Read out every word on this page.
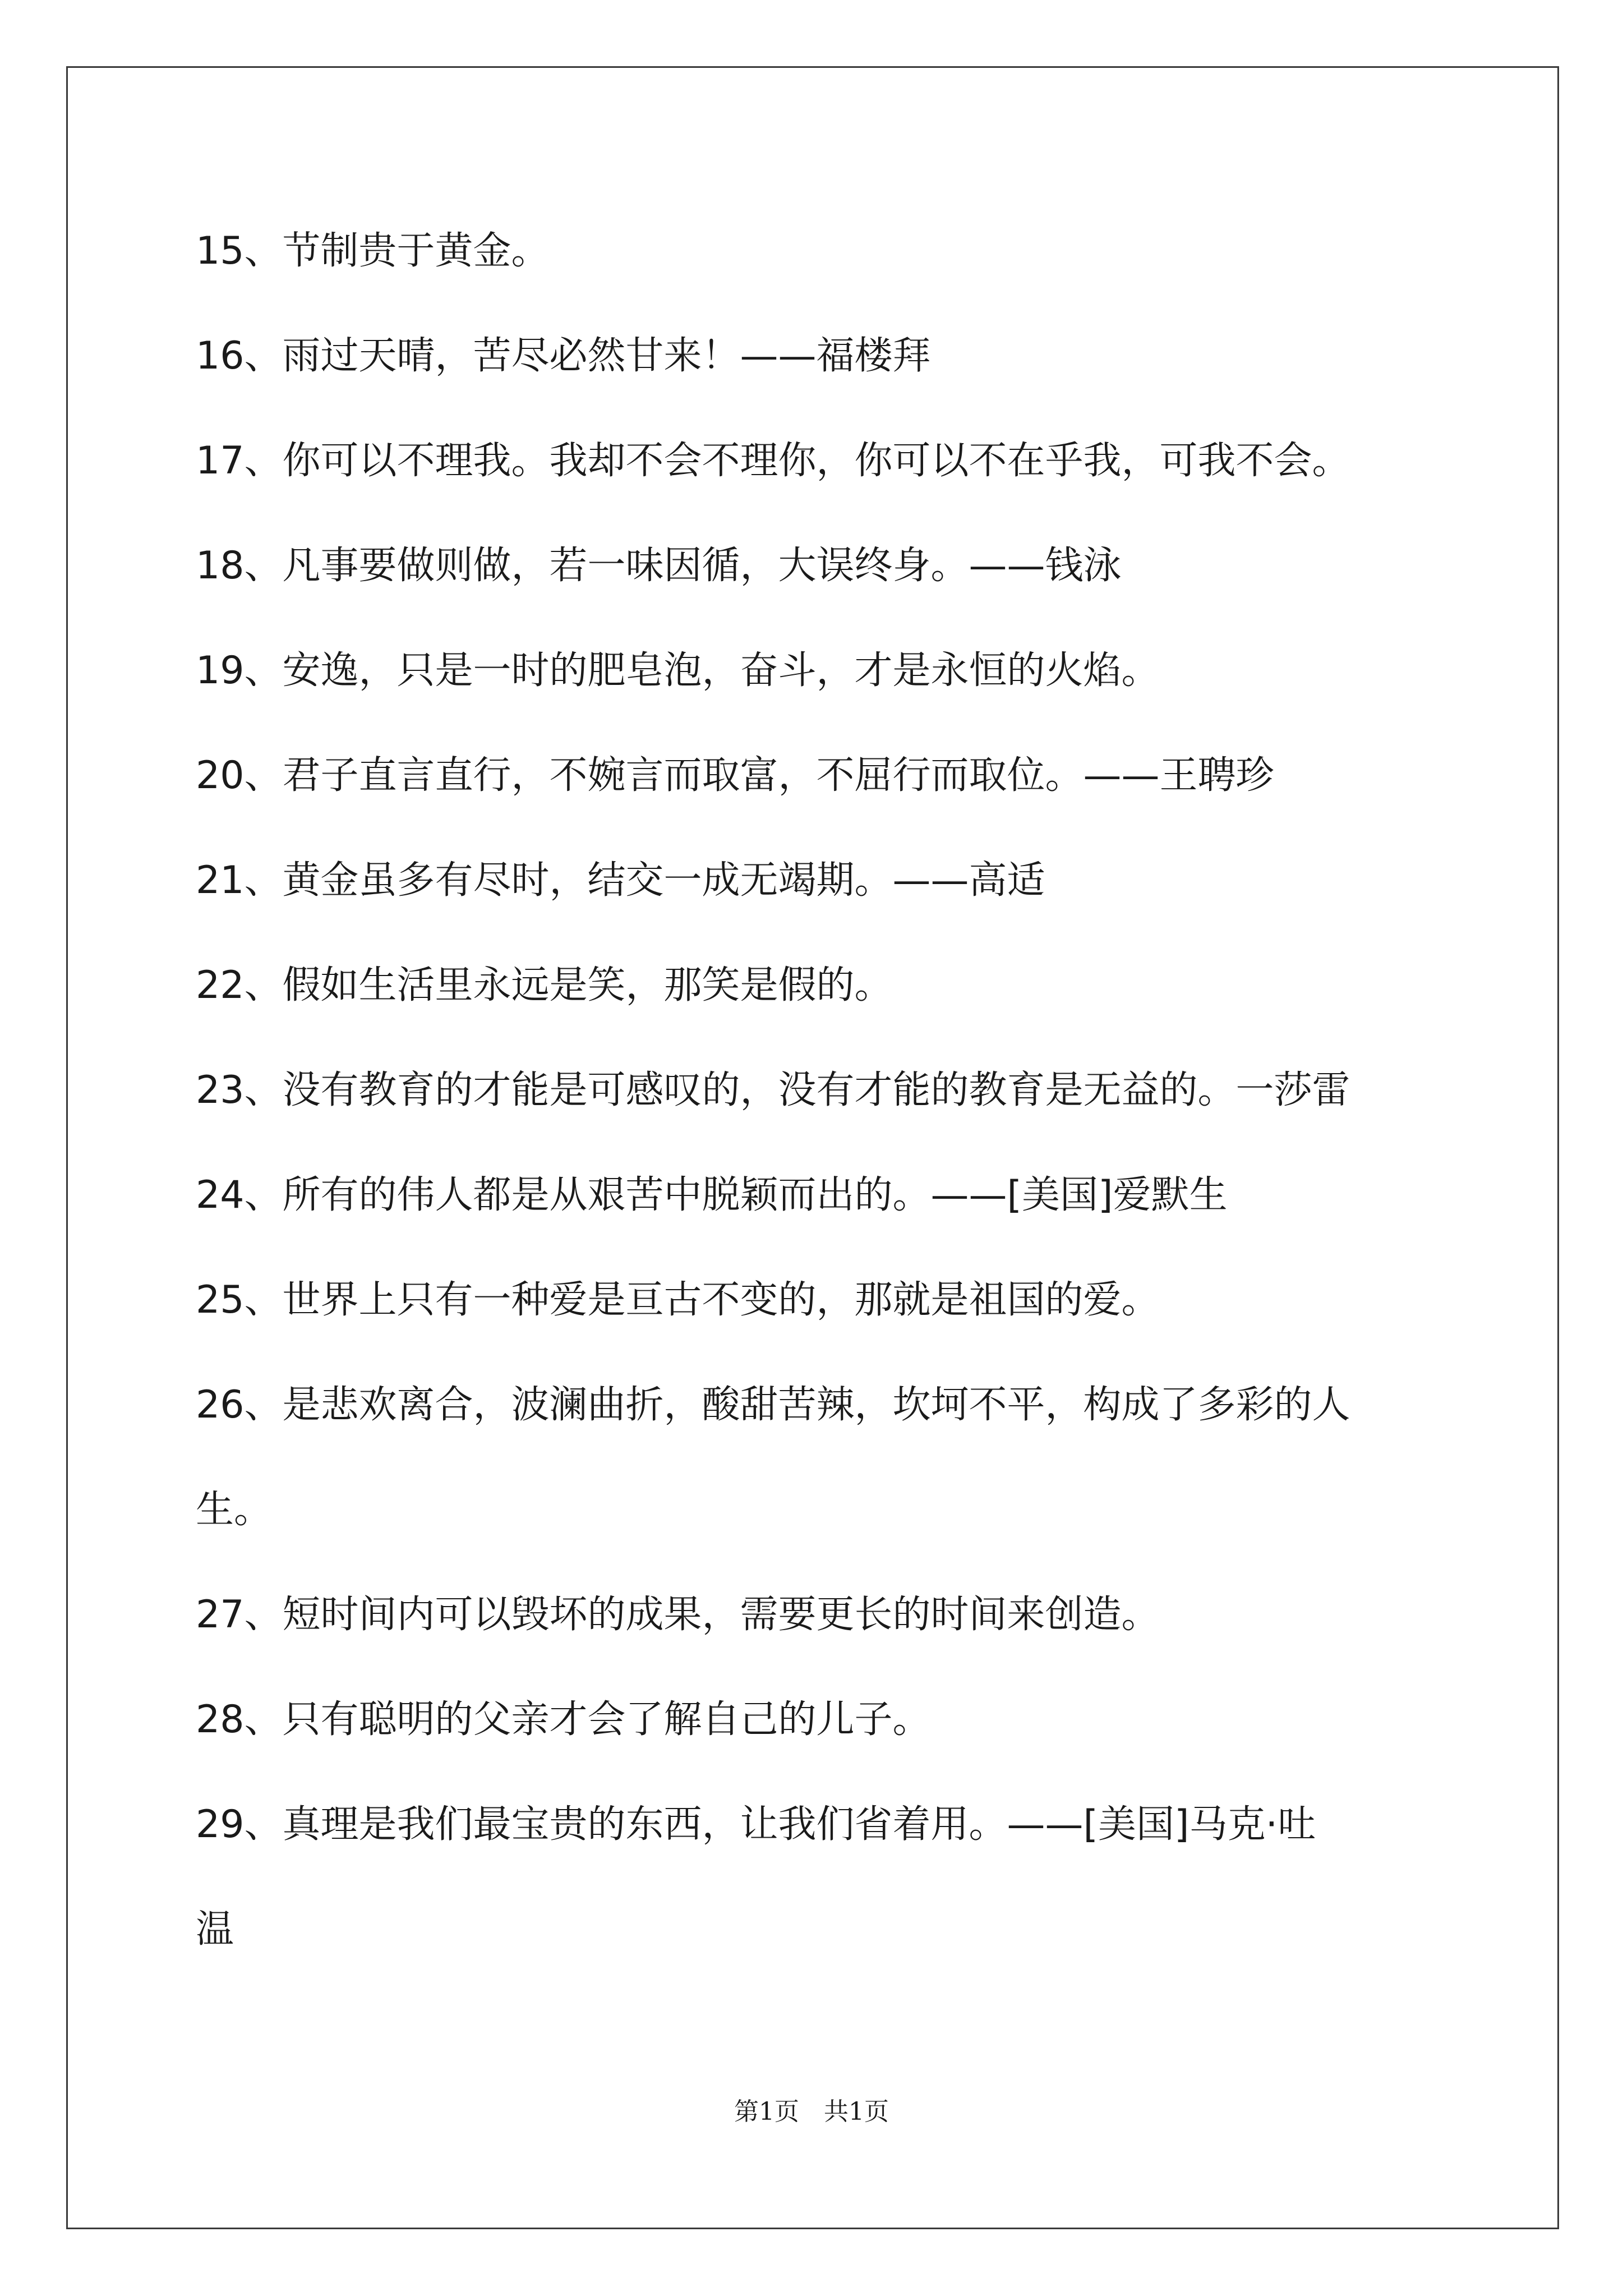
15、节制贵于黄金。
16、雨过天晴，苦尽必然甘来！——福楼拜
17、你可以不理我。我却不会不理你，你可以不在乎我，可我不会。
18、凡事要做则做，若一味因循，大误终身。——钱泳
19、安逸，只是一时的肥皂泡，奋斗，才是永恒的火焰。
20、君子直言直行，不婉言而取富，不屈行而取位。——王聘珍
21、黄金虽多有尽时，结交一成无竭期。——高适
22、假如生活里永远是笑，那笑是假的。
23、没有教育的才能是可感叹的，没有才能的教育是无益的。一莎雷
24、所有的伟人都是从艰苦中脱颖而出的。——[美国]爱默生
25、世界上只有一种爱是亘古不变的，那就是祖国的爱。
26、是悲欢离合，波澜曲折，酸甜苦辣，坎坷不平，构成了多彩的人
生。
27、短时间内可以毁坏的成果，需要更长的时间来创造。
28、只有聪明的父亲才会了解自己的儿子。
29、真理是我们最宝贵的东西，让我们省着用。——[美国]马克·吐
温
第1页　共1页
